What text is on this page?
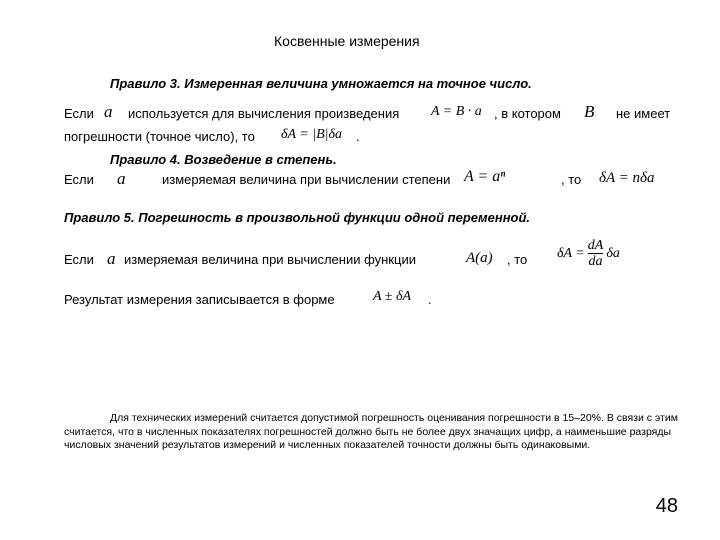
Косвенные измерения
Правило 3. Измеренная величина умножается на точное число.
Если a используется для вычисления произведения A = B · a , в котором B не имеет
погрешности (точное число), то δA = |B|δa .
Правило 4. Возведение в степень.
Если a	измеряемая величина при вычислении степени A = aⁿ	, то δA = nδa
Правило 5. Погрешность в произвольной функции одной переменной.
Если a измеряемая величина при вычислении функции	A(a) , то δA = dA
da
δa
Результат измерения записывается в форме	A ± δA .

Для технических измерений считается допустимой погрешность оценивания погрешности в 15–20%. В связи с этим считается, что в численных показателях погрешностей должно быть не более двух значащих цифр, а наименьшие разряды числовых значений результатов измерений и численных показателей точности должны быть одинаковыми.

48
